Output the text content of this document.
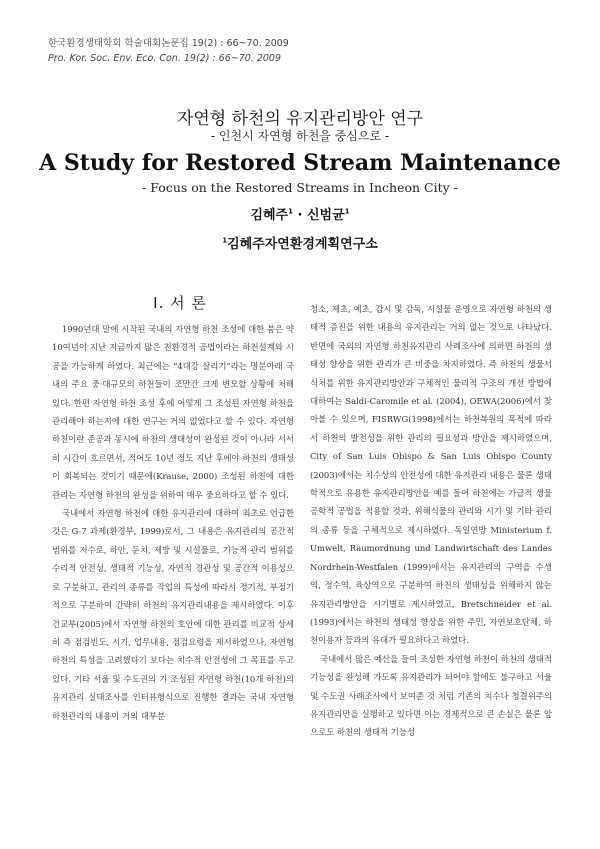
한국환경생태학회 학술대회논문집 19(2) : 66~70. 2009
Pro. Kor. Soc. Env. Eco. Con. 19(2) : 66~70. 2009
자연형 하천의 유지관리방안 연구
- 인천시 자연형 하천을 중심으로 -
A Study for Restored Stream Maintenance
- Focus on the Restored Streams in Incheon City -
김혜주$^1$ · 신범균$^1$
$^1$김혜주자연환경계획연구소
Ⅰ. 서 론

1990년대 말에 시작된 국내의 자연형 하천 조성에 대한 붐은 약 10여년이 지난 지금까지 많은 친환경적 공법이라는 하천설계와 시공을 가능하게 하였다. 최근에는 “4대강 살리기”라는 명분아래 국내의 주요 중·대규모의 하천들이 조만간 크게 변모할 상황에 처해 있다. 한편 자연형 하천 조성 후에 어떻게 그 조성된 자연형 하천을 관리해야 하는지에 대한 연구는 거의 없었다고 할 수 있다. 자연형 하천이란 준공과 동시에 하천의 생태성이 완성된 것이 아니라 서서히 시간이 흐르면서, 적어도 10년 정도 지난 후에야 하천의 생태성이 회복되는 것이기 때문에(Krause, 2000) 조성된 하천에 대한 관리는 자연형 하천의 완성을 위하여 매우 중요하다고 할 수 있다.

국내에서 자연형 하천에 대한 유지관리에 대하여 최초로 언급한 것은 G-7 과제(환경부, 1999)로서, 그 내용은 유지관리의 공간적 범위를 저수로, 하안, 둔치, 제방 및 시설물로, 기능적 관리 범위를 수리적 안전성, 생태적 기능성, 자연적 경관성 및 공간적 이용성으로 구분하고, 관리의 종류를 작업의 특성에 따라서 정기적, 부정기적으로 구분하여 간략히 하천의 유지관리내용을 제시하였다. 이후 건교부(2005)에서 자연형 하천의 호안에 대한 관리를 비교적 상세히 즉 점검빈도, 시기, 업무내용, 점검요령을 제시하였으나, 자연형 하천의 특성을 고려했다기 보다는 치수적 안전성에 그 목표를 두고 있다. 기타 서울 및 수도권의 기 조성된 자연형 하천(10개 하천)의 유지관리 실태조사를 인터뷰형식으로 진행한 결과는 국내 자연형 하천관리의 내용이 거의 대부분

청소, 제초, 예초, 감시 및 감독, 시설물 운영으로 자연형 하천의 생태적 증진을 위한 내용의 유지관리는 거의 없는 것으로 나타났다. 반면에 국외의 자연형 하천유지관리 사례조사에 의하면 하천의 생태성 향상을 위한 관리가 큰 비중을 차지하였다. 즉 하천의 생물서식처를 위한 유지관리방안과 구체적인 물리적 구조의 개선 방법에 대하여는 Saldi-Caromile et al. (2004), OEWA(2006)에서 찾아볼 수 있으며, FISRWG(1998)에서는 하천복원의 목적에 따라서 하천의 발전성을 위한 관리의 필요성과 방안을 제시하였으며, City of San Luis Obispo & San Luis Obispo County (2003)에서는 치수상의 안전성에 대한 유지관리 내용은 물론 생태학적으로 유용한 유지관리방안을 예를 들어 하천에는 가급적 생물공학적 공법을 적용할 것과, 위해식물의 관리와 시기 및 기타 관리의 종류 등을 구체적으로 제시하였다. 독일연방 Ministerium f. Umwelt, Raumordnung und Landwirtschaft des Landes Nordrhein-Westfalen (1999)에서는 유지관리의 구역을 수생역, 정수역, 육상역으로 구분하여 하천의 생태성을 위해하지 않는 유지관리방안을 시기별로 제시하였고, Bretschneider et al.(1993)에서는 하천의 생태성 향상을 위한 주민, 자연보호단체, 하천이용자 등과의 유대가 필요하다고 하였다.

국내에서 많은 예산을 들여 조성한 자연형 하천이 하천의 생태적 기능성을 완성해 가도록 유지관리가 되어야 함에도 불구하고 서울 및 수도권 사례조사에서 보여준 것 처럼 기존의 치수나 청결위주의 유지관리만을 실행하고 있다면 이는 경제적으로 큰 손실은 물론 앞으로도 하천의 생태적 기능성
